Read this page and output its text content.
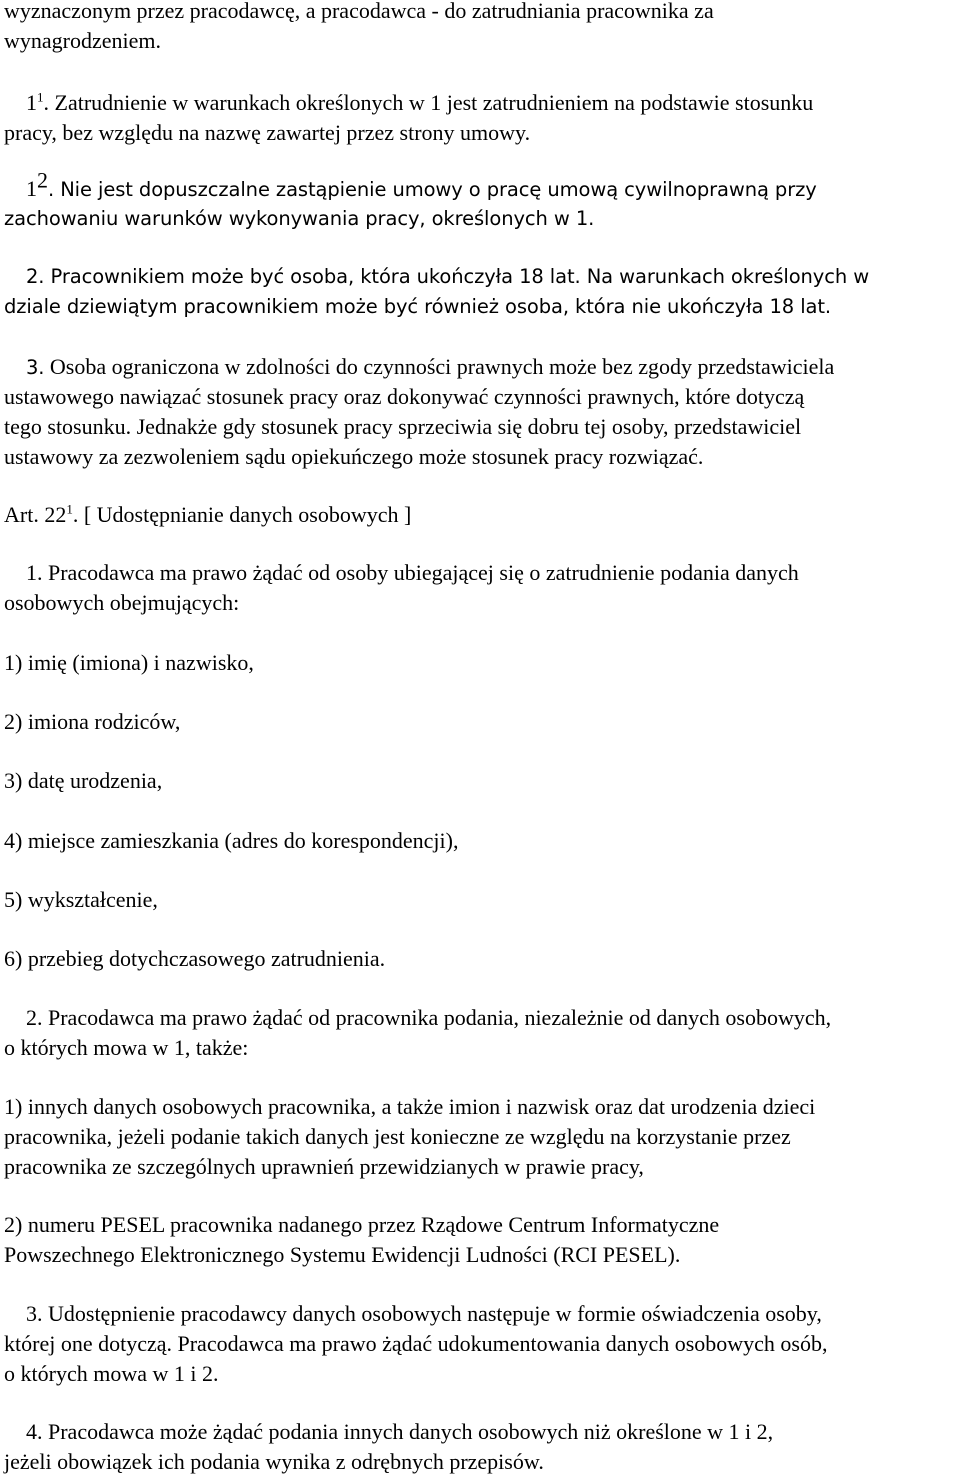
wyznaczonym przez pracodawcę, a pracodawca - do zatrudniania pracownika za
wynagrodzeniem.
$1^1$. Zatrudnienie w warunkach określonych w 1 jest zatrudnieniem na podstawie stosunku
pracy, bez względu na nazwę zawartej przez strony umowy.
$1^2$. Nie jest dopuszczalne zastąpienie umowy o pracę umową cywilnoprawną przy
zachowaniu warunków wykonywania pracy, określonych w 1.
2. Pracownikiem może być osoba, która ukończyła 18 lat. Na warunkach określonych w
dziale dziewiątym pracownikiem może być również osoba, która nie ukończyła 18 lat.
3. Osoba ograniczona w zdolności do czynności prawnych może bez zgody przedstawiciela
ustawowego nawiązać stosunek pracy oraz dokonywać czynności prawnych, które dotyczą
tego stosunku. Jednakże gdy stosunek pracy sprzeciwia się dobru tej osoby, przedstawiciel
ustawowy za zezwoleniem sądu opiekuńczego może stosunek pracy rozwiązać.
Art. $22^1$. [ Udostępnianie danych osobowych ]
1. Pracodawca ma prawo żądać od osoby ubiegającej się o zatrudnienie podania danych
osobowych obejmujących:
1) imię (imiona) i nazwisko,
2) imiona rodziców,
3) datę urodzenia,
4) miejsce zamieszkania (adres do korespondencji),
5) wykształcenie,
6) przebieg dotychczasowego zatrudnienia.
2. Pracodawca ma prawo żądać od pracownika podania, niezależnie od danych osobowych,
o których mowa w 1, także:
1) innych danych osobowych pracownika, a także imion i nazwisk oraz dat urodzenia dzieci
pracownika, jeżeli podanie takich danych jest konieczne ze względu na korzystanie przez
pracownika ze szczególnych uprawnień przewidzianych w prawie pracy,
2) numeru PESEL pracownika nadanego przez Rządowe Centrum Informatyczne
Powszechnego Elektronicznego Systemu Ewidencji Ludności (RCI PESEL).
3. Udostępnienie pracodawcy danych osobowych następuje w formie oświadczenia osoby,
której one dotyczą. Pracodawca ma prawo żądać udokumentowania danych osobowych osób,
o których mowa w 1 i 2.
4. Pracodawca może żądać podania innych danych osobowych niż określone w 1 i 2,
jeżeli obowiązek ich podania wynika z odrębnych przepisów.
